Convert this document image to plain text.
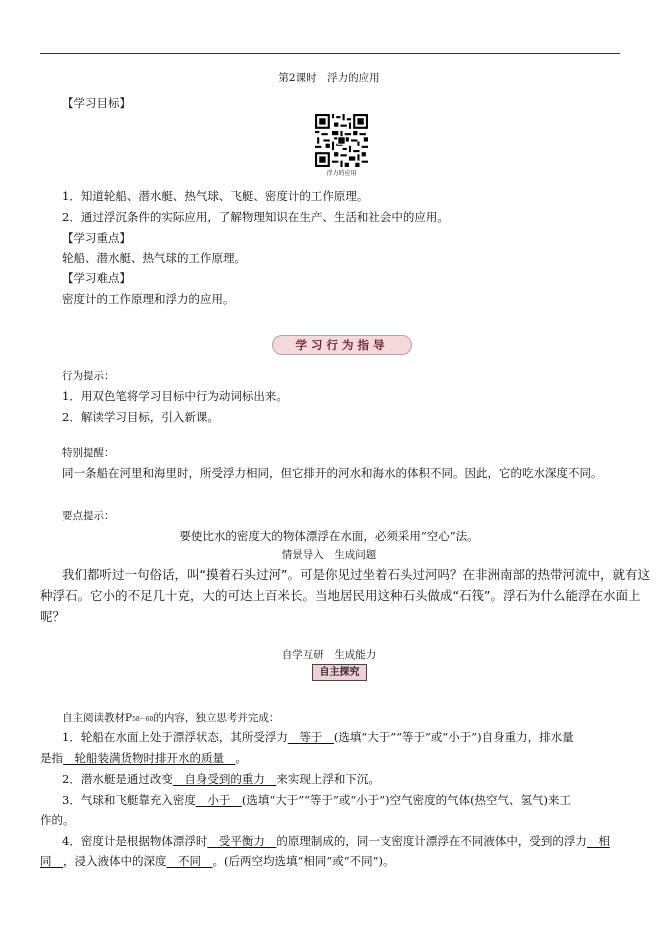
第2课时　浮力的应用
【学习目标】
浮力的应用
1．知道轮船、潜水艇、热气球、飞艇、密度计的工作原理。
2．通过浮沉条件的实际应用，了解物理知识在生产、生活和社会中的应用。
【学习重点】
轮船、潜水艇、热气球的工作原理。
【学习难点】
密度计的工作原理和浮力的应用。
学习行为指导
行为提示：
1．用双色笔将学习目标中行为动词标出来。
2．解读学习目标，引入新课。
特别提醒：
同一条船在河里和海里时，所受浮力相同，但它排开的河水和海水的体积不同。因此，它的吃水深度不同。
要点提示：
要使比水的密度大的物体漂浮在水面，必须采用“空心”法。
情景导入　生成问题
我们都听过一句俗话，叫“摸着石头过河”。可是你见过坐着石头过河吗？在非洲南部的热带河流中，就有这
种浮石。它小的不足几十克，大的可达上百米长。当地居民用这种石头做成“石筏”。浮石为什么能浮在水面上
呢？
自学互研　生成能力
自主探究
自主阅读教材P58～60的内容，独立思考并完成：
1．轮船在水面上处于漂浮状态，其所受浮力　等于　(选填“大于”“等于”或“小于”)自身重力，排水量
是指　轮船装满货物时排开水的质量　。
2．潜水艇是通过改变　自身受到的重力　来实现上浮和下沉。
3．气球和飞艇靠充入密度　小于　(选填“大于”“等于”或“小于”)空气密度的气体(热空气、氢气)来工
作的。
4．密度计是根据物体漂浮时　受平衡力　的原理制成的，同一支密度计漂浮在不同液体中，受到的浮力　相
同　，浸入液体中的深度　不同　。(后两空均选填“相同”或“不同”)。
